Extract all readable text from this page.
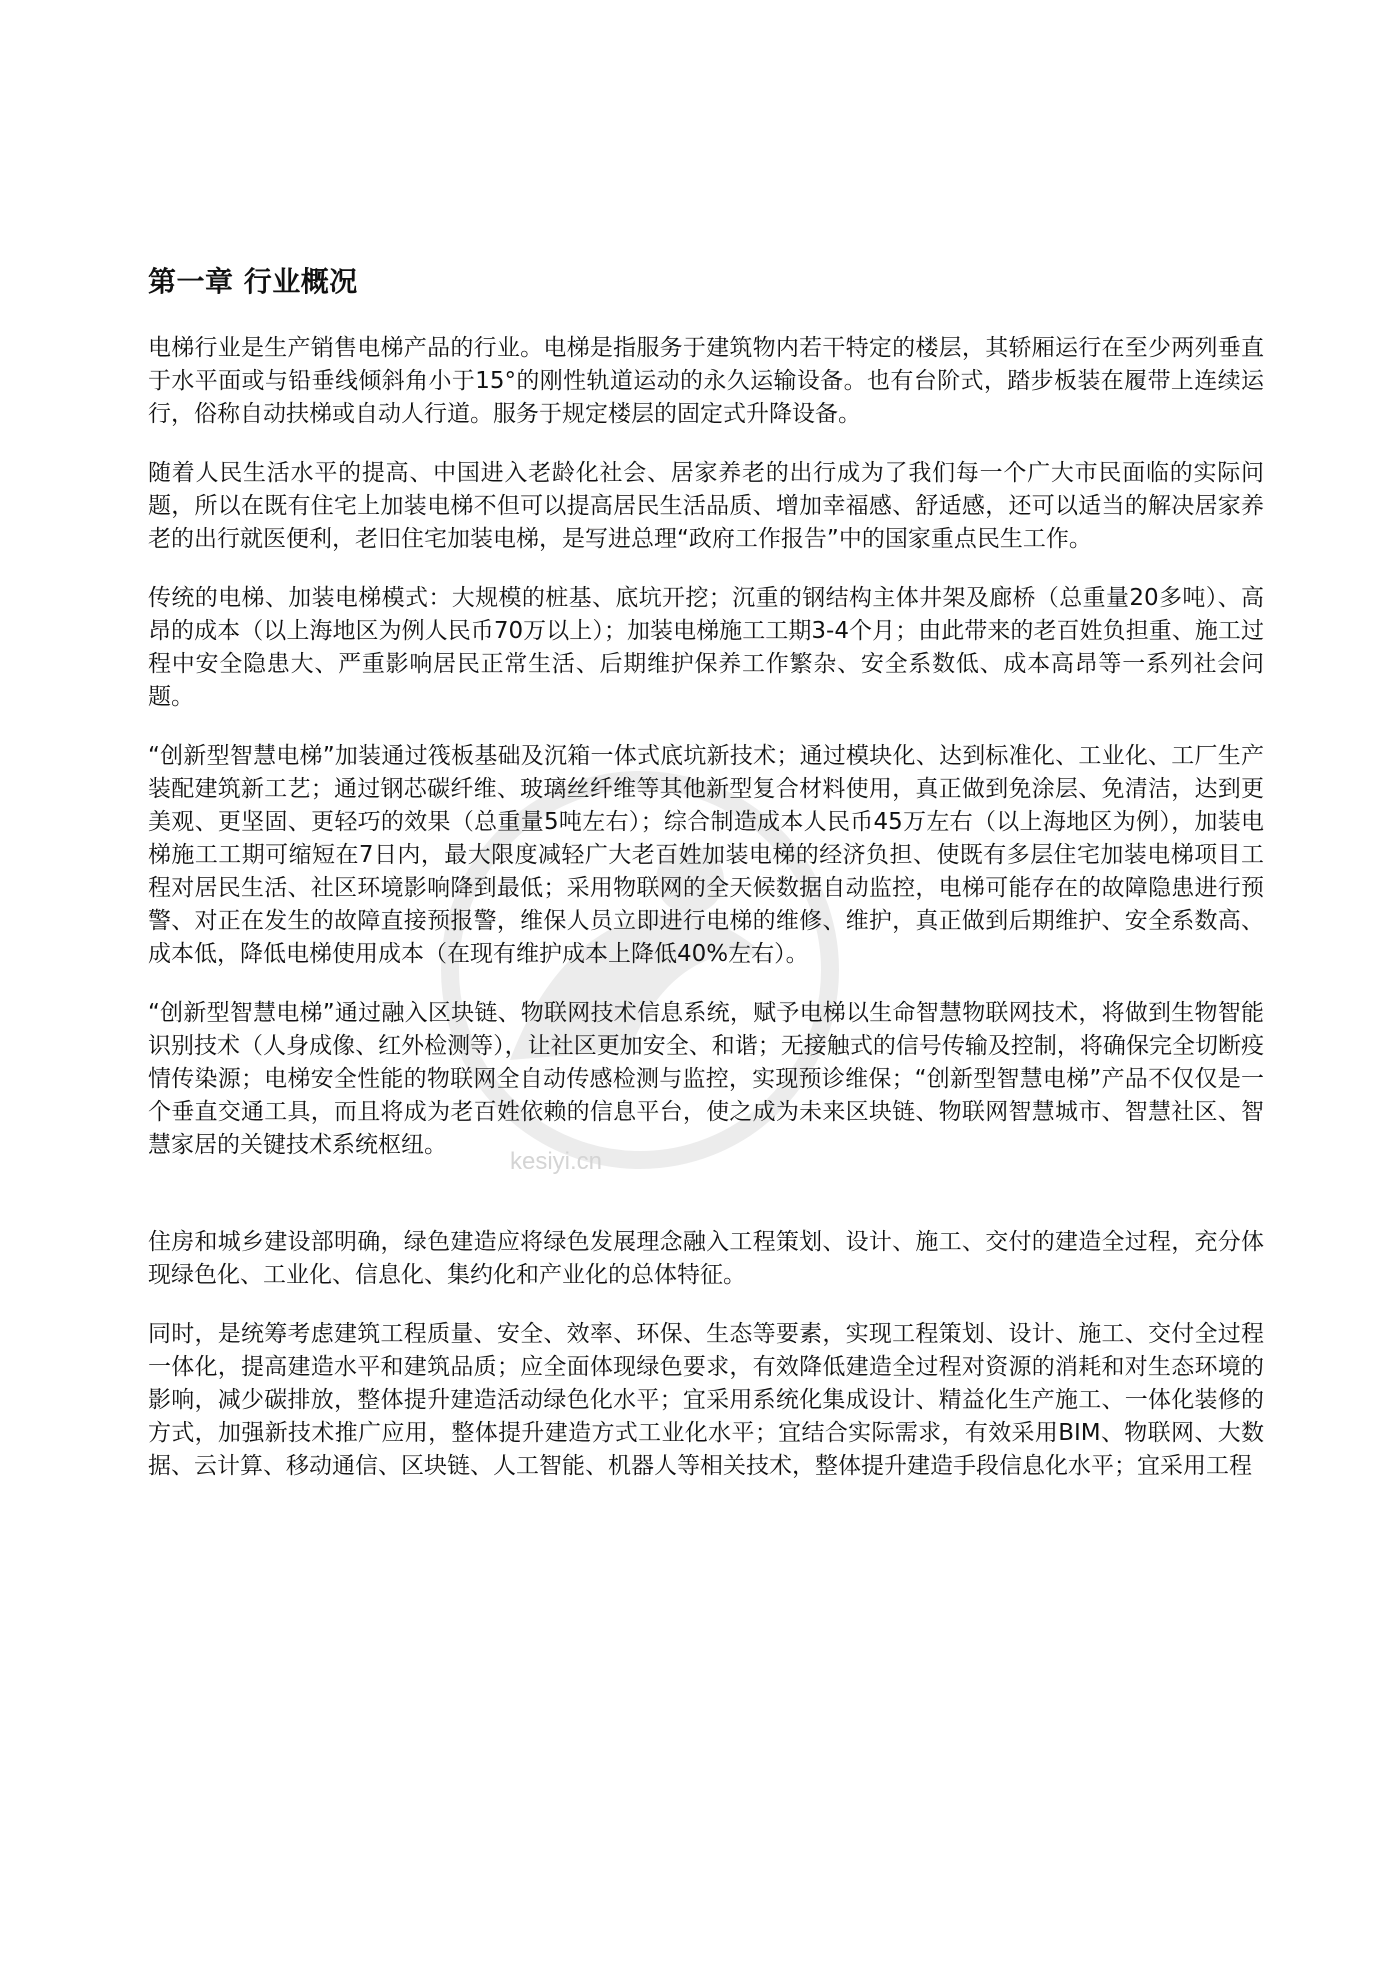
kesiyi.cn
第一章 行业概况

电梯行业是生产销售电梯产品的行业。电梯是指服务于建筑物内若干特定的楼层，其轿厢运行在至少两列垂直于水平面或与铅垂线倾斜角小于15°的刚性轨道运动的永久运输设备。也有台阶式，踏步板装在履带上连续运行，俗称自动扶梯或自动人行道。服务于规定楼层的固定式升降设备。

随着人民生活水平的提高、中国进入老龄化社会、居家养老的出行成为了我们每一个广大市民面临的实际问题，所以在既有住宅上加装电梯不但可以提高居民生活品质、增加幸福感、舒适感，还可以适当的解决居家养老的出行就医便利，老旧住宅加装电梯，是写进总理“政府工作报告”中的国家重点民生工作。

传统的电梯、加装电梯模式：大规模的桩基、底坑开挖；沉重的钢结构主体井架及廊桥（总重量20多吨）、高昂的成本（以上海地区为例人民币70万以上）；加装电梯施工工期3-4个月；由此带来的老百姓负担重、施工过程中安全隐患大、严重影响居民正常生活、后期维护保养工作繁杂、安全系数低、成本高昂等一系列社会问题。

“创新型智慧电梯”加装通过筏板基础及沉箱一体式底坑新技术；通过模块化、达到标准化、工业化、工厂生产装配建筑新工艺；通过钢芯碳纤维、玻璃丝纤维等其他新型复合材料使用，真正做到免涂层、免清洁，达到更美观、更坚固、更轻巧的效果（总重量5吨左右）；综合制造成本人民币45万左右（以上海地区为例），加装电梯施工工期可缩短在7日内，最大限度减轻广大老百姓加装电梯的经济负担、使既有多层住宅加装电梯项目工程对居民生活、社区环境影响降到最低；采用物联网的全天候数据自动监控，电梯可能存在的故障隐患进行预警、对正在发生的故障直接预报警，维保人员立即进行电梯的维修、维护，真正做到后期维护、安全系数高、成本低，降低电梯使用成本（在现有维护成本上降低40%左右）。

“创新型智慧电梯”通过融入区块链、物联网技术信息系统，赋予电梯以生命智慧物联网技术，将做到生物智能识别技术（人身成像、红外检测等），让社区更加安全、和谐；无接触式的信号传输及控制，将确保完全切断疫情传染源；电梯安全性能的物联网全自动传感检测与监控，实现预诊维保；“创新型智慧电梯”产品不仅仅是一个垂直交通工具，而且将成为老百姓依赖的信息平台，使之成为未来区块链、物联网智慧城市、智慧社区、智慧家居的关键技术系统枢纽。

住房和城乡建设部明确，绿色建造应将绿色发展理念融入工程策划、设计、施工、交付的建造全过程，充分体现绿色化、工业化、信息化、集约化和产业化的总体特征。

同时，是统筹考虑建筑工程质量、安全、效率、环保、生态等要素，实现工程策划、设计、施工、交付全过程一体化，提高建造水平和建筑品质；应全面体现绿色要求，有效降低建造全过程对资源的消耗和对生态环境的影响，减少碳排放，整体提升建造活动绿色化水平；宜采用系统化集成设计、精益化生产施工、一体化装修的方式，加强新技术推广应用，整体提升建造方式工业化水平；宜结合实际需求，有效采用BIM、物联网、大数据、云计算、移动通信、区块链、人工智能、机器人等相关技术，整体提升建造手段信息化水平；宜采用工程
